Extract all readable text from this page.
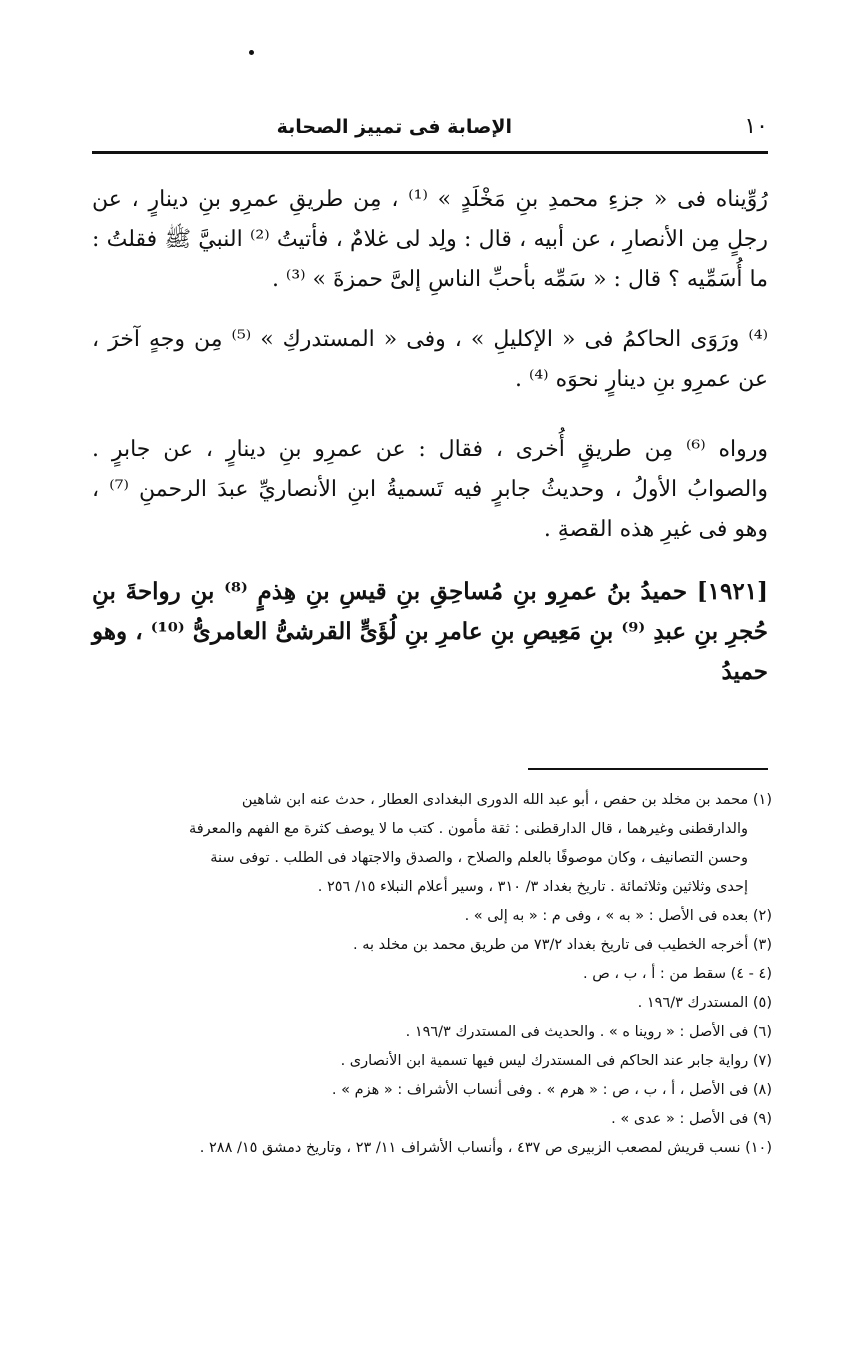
١٠
الإصابة فى تمييز الصحابة

رُوِّيناه فى « جزءِ محمدِ بنِ مَخْلَدٍ » ⁽¹⁾ ، مِن طريقِ عمرِو بنِ دينارٍ ، عن رجلٍ مِن الأنصارِ ، عن أبيه ، قال : ولِد لى غلامٌ ، فأتيتُ ⁽²⁾ النبيَّ ﷺ فقلتُ : ما أُسَمِّيه ؟ قال : « سَمِّه بأحبِّ الناسِ إلىَّ حمزةَ » ⁽³⁾ .

⁽⁴⁾ ورَوَى الحاكمُ فى « الإكليلِ » ، وفى « المستدركِ » ⁽⁵⁾ مِن وجهٍ آخرَ ، عن عمرِو بنِ دينارٍ نحوَه ⁽⁴⁾ .

ورواه ⁽⁶⁾ مِن طريقٍ أُخرى ، فقال : عن عمرِو بنِ دينارٍ ، عن جابرٍ . والصوابُ الأولُ ، وحديثُ جابرٍ فيه تَسميةُ ابنِ الأنصاريِّ عبدَ الرحمنِ ⁽⁷⁾ ، وهو فى غيرِ هذه القصةِ .

[١٩٢١] حميدُ بنُ عمرِو بنِ مُساحِقِ بنِ قيسِ بنِ هِذمٍ ⁽⁸⁾ بنِ رواحةَ بنِ حُجرِ بنِ عبدِ ⁽⁹⁾ بنِ مَعِيصِ بنِ عامرِ بنِ لُؤَىٍّ القرشىُّ العامرىُّ ⁽¹⁰⁾ ، وهو حميدُ

(١) محمد بن مخلد بن حفص ، أبو عبد الله الدورى البغدادى العطار ، حدث عنه ابن شاهين

والدارقطنى وغيرهما ، قال الدارقطنى : ثقة مأمون . كتب ما لا يوصف كثرة مع الفهم والمعرفة

وحسن التصانيف ، وكان موصوفًا بالعلم والصلاح ، والصدق والاجتهاد فى الطلب . توفى سنة

إحدى وثلاثين وثلاثمائة . تاريخ بغداد ٣/ ٣١٠ ، وسير أعلام النبلاء ١٥/ ٢٥٦ .

(٢) بعده فى الأصل : « به » ، وفى م : « به إلى » .

(٣) أخرجه الخطيب فى تاريخ بغداد ٧٣/٢ من طريق محمد بن مخلد به .

(٤ - ٤) سقط من : أ ، ب ، ص .

(٥) المستدرك ١٩٦/٣ .

(٦) فى الأصل : « روينا ه » . والحديث فى المستدرك ١٩٦/٣ .

(٧) رواية جابر عند الحاكم فى المستدرك ليس فيها تسمية ابن الأنصارى .

(٨) فى الأصل ، أ ، ب ، ص : « هرم » . وفى أنساب الأشراف : « هزم » .

(٩) فى الأصل : « عدى » .

(١٠) نسب قريش لمصعب الزبيرى ص ٤٣٧ ، وأنساب الأشراف ١١/ ٢٣ ، وتاريخ دمشق ١٥/ ٢٨٨ .
